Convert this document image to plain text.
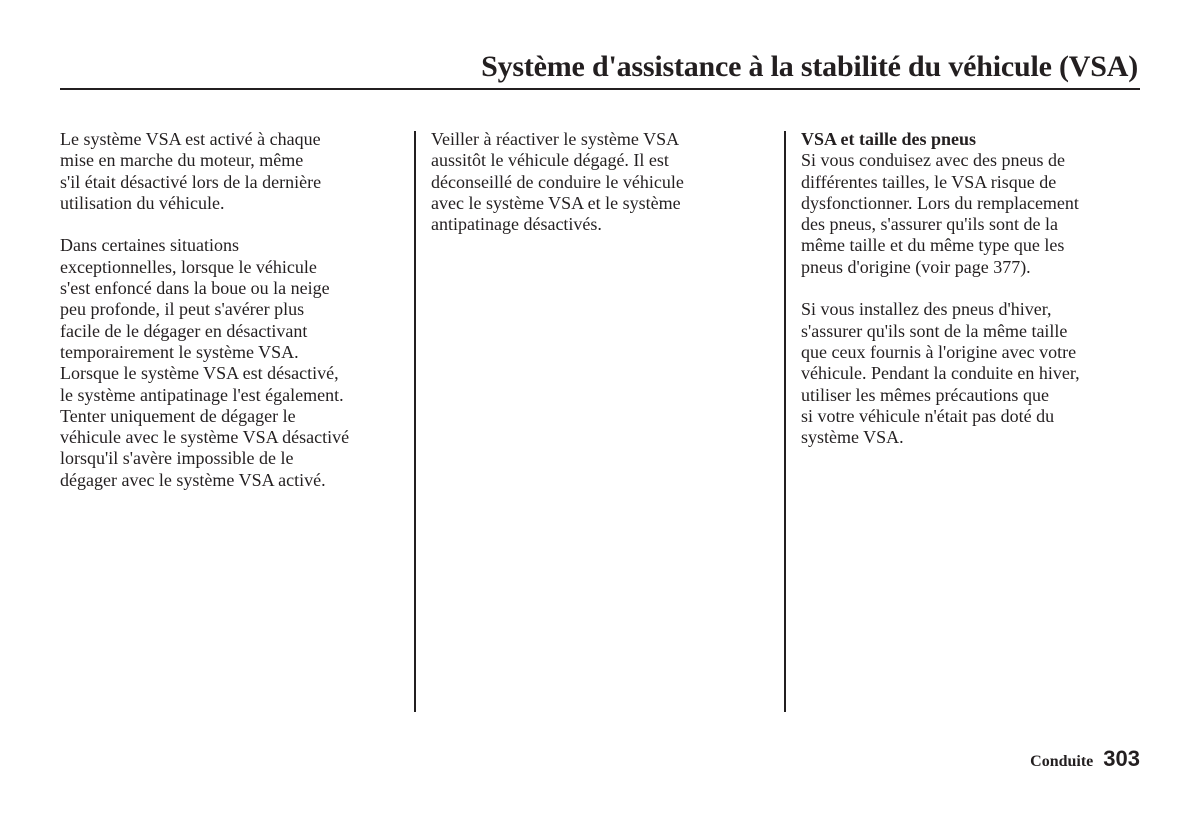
Système d'assistance à la stabilité du véhicule (VSA)

Le système VSA est activé à chaque
mise en marche du moteur, même
s'il était désactivé lors de la dernière
utilisation du véhicule.

Dans certaines situations
exceptionnelles, lorsque le véhicule
s'est enfoncé dans la boue ou la neige
peu profonde, il peut s'avérer plus
facile de le dégager en désactivant
temporairement le système VSA.
Lorsque le système VSA est désactivé,
le système antipatinage l'est également.
Tenter uniquement de dégager le
véhicule avec le système VSA désactivé
lorsqu'il s'avère impossible de le
dégager avec le système VSA activé.

Veiller à réactiver le système VSA
aussitôt le véhicule dégagé. Il est
déconseillé de conduire le véhicule
avec le système VSA et le système
antipatinage désactivés.

VSA et taille des pneus

Si vous conduisez avec des pneus de
différentes tailles, le VSA risque de
dysfonctionner. Lors du remplacement
des pneus, s'assurer qu'ils sont de la
même taille et du même type que les
pneus d'origine (voir page 377).

Si vous installez des pneus d'hiver,
s'assurer qu'ils sont de la même taille
que ceux fournis à l'origine avec votre
véhicule. Pendant la conduite en hiver,
utiliser les mêmes précautions que
si votre véhicule n'était pas doté du
système VSA.

Conduite 303
